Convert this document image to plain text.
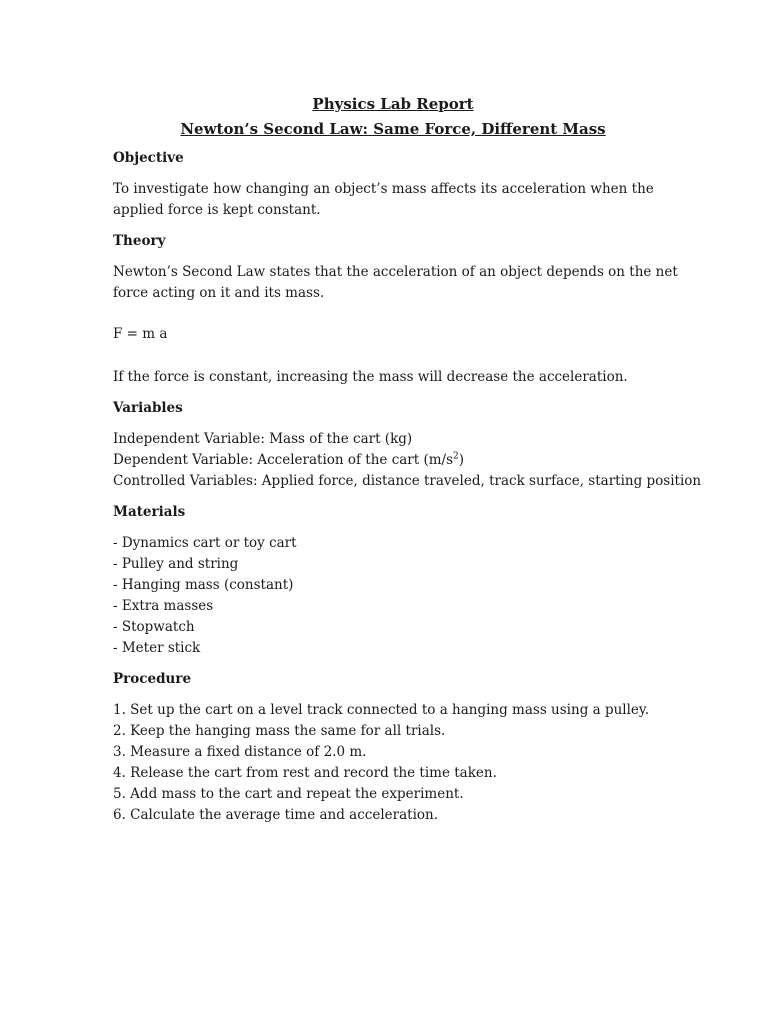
Physics Lab Report

Newton’s Second Law: Same Force, Different Mass

Objective

To investigate how changing an object’s mass affects its acceleration when the
applied force is kept constant.

Theory

Newton’s Second Law states that the acceleration of an object depends on the net
force acting on it and its mass.

F = m a

If the force is constant, increasing the mass will decrease the acceleration.

Variables

Independent Variable: Mass of the cart (kg)
Dependent Variable: Acceleration of the cart $(m/s^2)$
Controlled Variables: Applied force, distance traveled, track surface, starting position

Materials

- Dynamics cart or toy cart
- Pulley and string
- Hanging mass (constant)
- Extra masses
- Stopwatch
- Meter stick

Procedure

1. Set up the cart on a level track connected to a hanging mass using a pulley.
2. Keep the hanging mass the same for all trials.
3. Measure a fixed distance of 2.0 m.
4. Release the cart from rest and record the time taken.
5. Add mass to the cart and repeat the experiment.
6. Calculate the average time and acceleration.
